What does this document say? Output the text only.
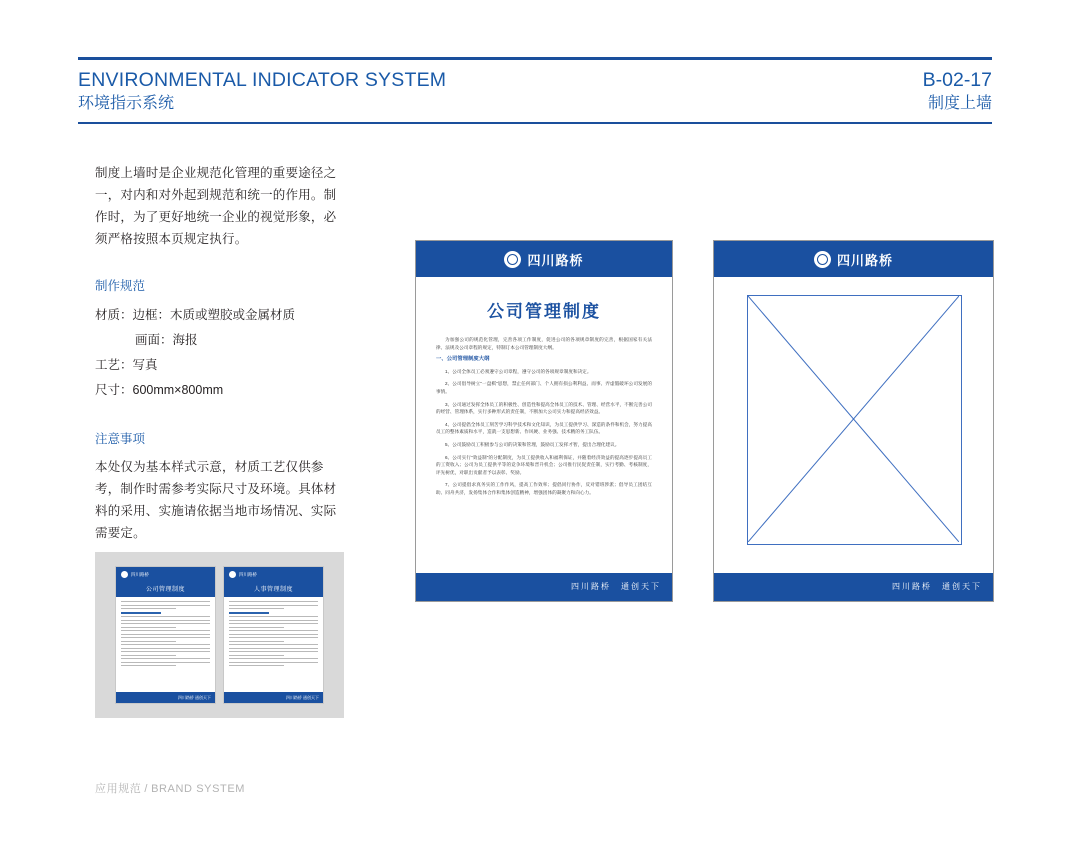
ENVIRONMENTAL INDICATOR SYSTEM
环境指示系统
B-02-17
制度上墙
制度上墙时是企业规范化管理的重要途径之一，对内和对外起到规范和统一的作用。制作时，为了更好地统一企业的视觉形象，必须严格按照本页规定执行。
制作规范
材质：边框：木质或塑胶或金属材质
画面：海报
工艺：写真
尺寸：600mm×800mm
注意事项
本处仅为基本样式示意，材质工艺仅供参考，制作时需参考实际尺寸及环境。具体材料的采用、实施请依据当地市场情况、实际需要定。
四川路桥
公司管理制度
四川路桥 通创天下
四川路桥
人事管理制度
四川路桥 通创天下
四川路桥
公司管理制度
为加强公司的规范化管理，完善各项工作制度，促进公司的各项规章制度的完善，根据国家有关法律、法规及公司章程的规定，特制订本公司管理制度大纲。
一、公司管理制度大纲
1、公司全体员工必须遵守公司章程，遵守公司的各项规章制度和决定。
2、公司倡导树立"一盘棋"思想，禁止任何部门、个人拥有损公利利益、而事、弄虚假破坏公司发展的事情。
3、公司通过发挥全体员工的积极性、创造性和提高全体员工的技术、管理、经营水平，不断完善公司的经营、管理体系，实行多种形式的责任制，不断加大公司实力和提高经济效益。
4、公司提倡全体员工刻苦学习科学技术和文化知识，为员工提供学习、深造的条件和机会，努力提高员工的整体素质和水平，造就一支思想新、作风硬、业务强、技术精的务工队伍。
5、公司鼓励员工积极参与公司的决策和管理，鼓励员工发挥才智，提出合理化建议。
6、公司实行"效益制"的分配制度，为员工提供收入和福利保证，并随着经济效益的提高逐步提高员工的工资收入；公司为员工提供平等的竞争环境和晋升机会；公司推行民促责任制，实行考勤、考核制度，评先树优，对职出贡献者予以表彰、奖励。
7、公司提倡求真务实的工作作风，提高工作效率；提倡同行协作，反对错班涉派；倡导员工团结互助、同舟共济，发扬集体合作和集体创造精神，增强团体的凝聚力和向心力。
四川路桥　通创天下
四川路桥
四川路桥　通创天下
应用规范 / BRAND SYSTEM
